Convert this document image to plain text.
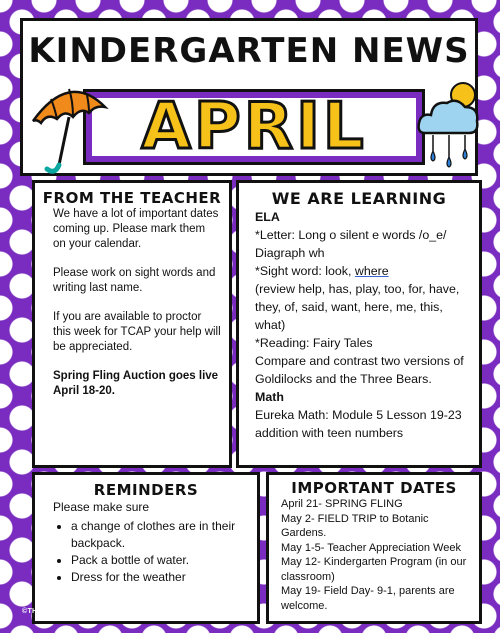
KINDERGARTEN NEWS
APRIL
FROM THE TEACHER

We have a lot of important dates coming up. Please mark them on your calendar.

Please work on sight words and writing last name.

If you are available to proctor this week for TCAP your help will be appreciated.

Spring Fling Auction goes live April 18-20.

WE ARE LEARNING
ELA
*Letter: Long o silent e words /o_e/
Diagraph wh
*Sight word: look, where
(review help, has, play, too, for, have, they, of, said, want, here, me, this, what)
*Reading: Fairy Tales
Compare and contrast two versions of Goldilocks and the Three Bears.
Math
Eureka Math: Module 5 Lesson 19-23 addition with teen numbers
REMINDERS
Please make sure
• a change of clothes are in their backpack.
• Pack a bottle of water.
• Dress for the weather
IMPORTANT DATES
April 21- SPRING FLING
May 2- FIELD TRIP to Botanic Gardens.
May 1-5- Teacher Appreciation Week
May 12- Kindergarten Program (in our classroom)
May 19- Field Day- 9-1, parents are welcome.
©THE JOYFUL JOURNEY
